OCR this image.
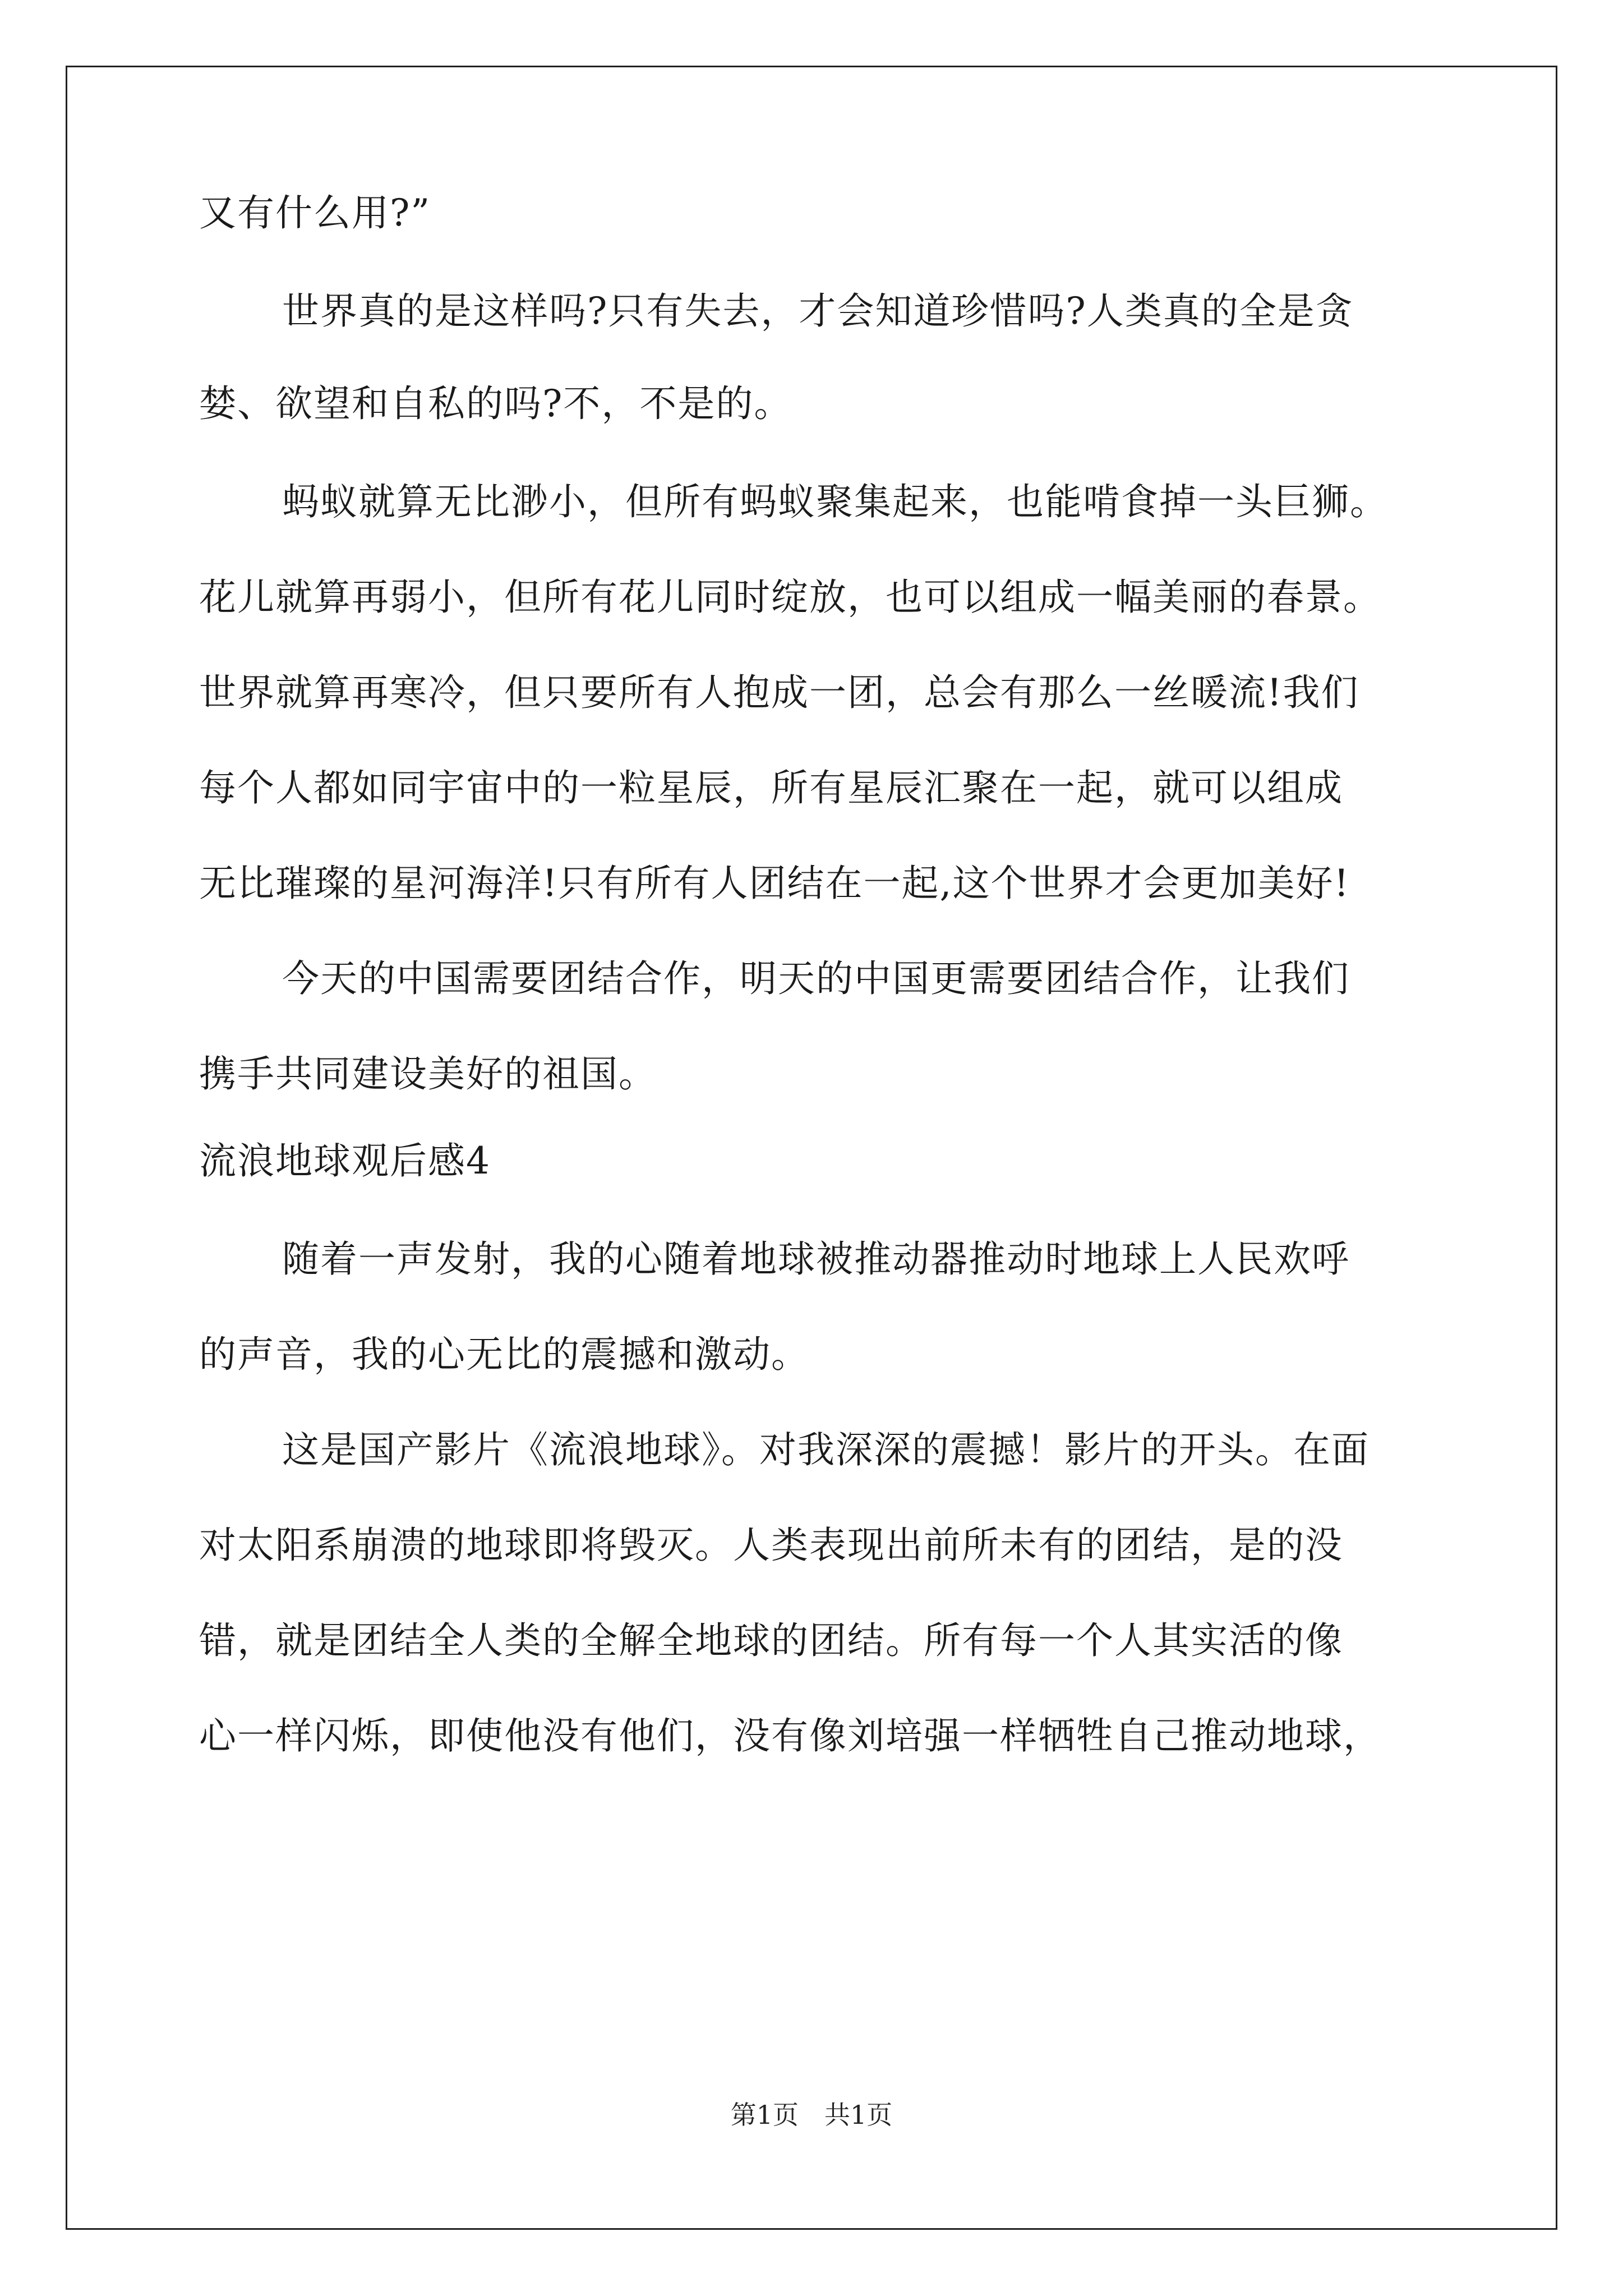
又有什么用?”
世界真的是这样吗?只有失去，才会知道珍惜吗?人类真的全是贪
婪、欲望和自私的吗?不，不是的。
蚂蚁就算无比渺小，但所有蚂蚁聚集起来，也能啃食掉一头巨狮。
花儿就算再弱小，但所有花儿同时绽放，也可以组成一幅美丽的春景。
世界就算再寒冷，但只要所有人抱成一团，总会有那么一丝暖流!我们
每个人都如同宇宙中的一粒星辰，所有星辰汇聚在一起，就可以组成
无比璀璨的星河海洋!只有所有人团结在一起,这个世界才会更加美好!
今天的中国需要团结合作，明天的中国更需要团结合作，让我们
携手共同建设美好的祖国。
流浪地球观后感4
随着一声发射，我的心随着地球被推动器推动时地球上人民欢呼
的声音，我的心无比的震撼和激动。
这是国产影片《流浪地球》。对我深深的震撼！影片的开头。在面
对太阳系崩溃的地球即将毁灭。人类表现出前所未有的团结，是的没
错，就是团结全人类的全解全地球的团结。所有每一个人其实活的像
心一样闪烁，即使他没有他们，没有像刘培强一样牺牲自己推动地球，
第1页　共1页
